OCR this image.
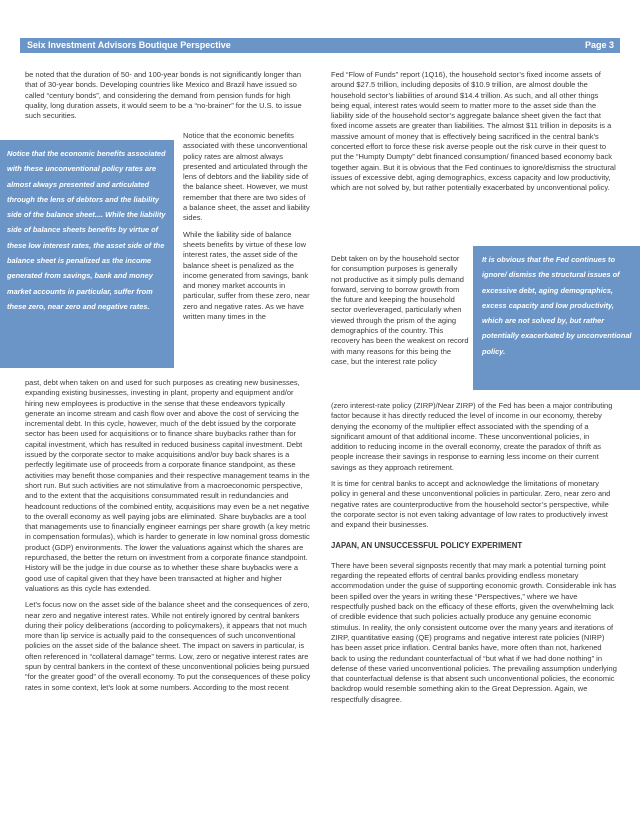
Seix Investment Advisors Boutique Perspective	Page 3

be noted that the duration of 50- and 100-year bonds is not significantly longer than that of 30-year bonds. Developing countries like Mexico and Brazil have issued so called “century bonds”, and considering the demand from pension funds for high quality, long duration assets, it would seem to be a “no-brainer” for the U.S. to issue such securities.

Notice that the economic benefits associated with these unconventional policy rates are almost always presented and articulated through the lens of debtors and the liability side of the balance sheet.... While the liability side of balance sheets benefits by virtue of these low interest rates, the asset side of the balance sheet is penalized as the income generated from savings, bank and money market accounts in particular, suffer from these zero, near zero and negative rates.

Notice that the economic benefits associated with these unconventional policy rates are almost always presented and articulated through the lens of debtors and the liability side of the balance sheet. However, we must remember that there are two sides of a balance sheet, the asset and liability sides.

While the liability side of balance sheets benefits by virtue of these low interest rates, the asset side of the balance sheet is penalized as the income generated from savings, bank and money market accounts in particular, suffer from these zero, near zero and negative rates. As we have written many times in the

past, debt when taken on and used for such purposes as creating new businesses, expanding existing businesses, investing in plant, property and equipment and/or hiring new employees is productive in the sense that these endeavors typically generate an income stream and cash flow over and above the cost of servicing the incremental debt. In this cycle, however, much of the debt issued by the corporate sector has been used for acquisitions or to finance share buybacks rather than for capital investment, which has resulted in reduced business capital investment. Debt issued by the corporate sector to make acquisitions and/or buy back shares is a perfectly legitimate use of proceeds from a corporate finance standpoint, as these activities may benefit those companies and their respective management teams in the short run. But such activities are not stimulative from a macroeconomic perspective, and to the extent that the acquisitions consummated result in redundancies and headcount reductions of the combined entity, acquisitions may even be a net negative to the overall economy as well paying jobs are eliminated. Share buybacks are a tool that managements use to financially engineer earnings per share growth (a key metric in compensation formulas), which is harder to generate in low nominal gross domestic product (GDP) environments. The lower the valuations against which the shares are repurchased, the better the return on investment from a corporate finance standpoint. History will be the judge in due course as to whether these share buybacks were a good use of capital given that they have been transacted at higher and higher valuations as this cycle has extended.

Let’s focus now on the asset side of the balance sheet and the consequences of zero, near zero and negative interest rates. While not entirely ignored by central bankers during their policy deliberations (according to policymakers), it appears that not much more than lip service is actually paid to the consequences of such unconventional policies on the asset side of the balance sheet. The impact on savers in particular, is often referenced in “collateral damage” terms. Low, zero or negative interest rates are spun by central bankers in the context of these unconventional policies being pursued “for the greater good” of the overall economy. To put the consequences of these policy rates in some context, let’s look at some numbers. According to the most recent

Fed “Flow of Funds” report (1Q16), the household sector’s fixed income assets of around $27.5 trillion, including deposits of $10.9 trillion, are almost double the household sector’s liabilities of around $14.4 trillion. As such, and all other things being equal, interest rates would seem to matter more to the asset side than the liability side of the household sector’s aggregate balance sheet given the fact that fixed income assets are greater than liabilities. The almost $11 trillion in deposits is a massive amount of money that is effectively being sacrificed in the central bank’s concerted effort to force these risk averse people out the risk curve in their quest to put the “Humpty Dumpty” debt financed consumption/ financed based economy back together again. But it is obvious that the Fed continues to ignore/dismiss the structural issues of excessive debt, aging demographics, excess capacity and low productivity, which are not solved by, but rather potentially exacerbated by unconventional policy.

Debt taken on by the household sector for consumption purposes is generally not productive as it simply pulls demand forward, serving to borrow growth from the future and keeping the household sector overleveraged, particularly when viewed through the prism of the aging demographics of the country. This recovery has been the weakest on record with many reasons for this being the case, but the interest rate policy

It is obvious that the Fed continues to ignore/ dismiss the structural issues of excessive debt, aging demographics, excess capacity and low productivity, which are not solved by, but rather potentially exacerbated by unconventional policy.

(zero interest-rate policy (ZIRP)/Near ZIRP) of the Fed has been a major contributing factor because it has directly reduced the level of income in our economy, thereby denying the economy of the multiplier effect associated with the spending of a significant amount of that additional income. These unconventional policies, in addition to reducing income in the overall economy, create the paradox of thrift as people increase their savings in response to earning less income on their current savings as they approach retirement.

It is time for central banks to accept and acknowledge the limitations of monetary policy in general and these unconventional policies in particular. Zero, near zero and negative rates are counterproductive from the household sector’s perspective, while the corporate sector is not even taking advantage of low rates to productively invest and expand their businesses.

JAPAN, AN UNSUCCESSFUL POLICY EXPERIMENT

There have been several signposts recently that may mark a potential turning point regarding the repeated efforts of central banks providing endless monetary accommodation under the guise of supporting economic growth. Considerable ink has been spilled over the years in writing these “Perspectives,” where we have respectfully pushed back on the efficacy of these efforts, given the overwhelming lack of credible evidence that such policies actually produce any genuine economic stimulus. In reality, the only consistent outcome over the many years and iterations of ZIRP, quantitative easing (QE) programs and negative interest rate policies (NIRP) has been asset price inflation. Central banks have, more often than not, harkened back to using the redundant counterfactual of “but what if we had done nothing” in defense of these varied unconventional policies. The prevailing assumption underlying that counterfactual defense is that absent such unconventional policies, the economic backdrop would resemble something akin to the Great Depression. Again, we respectfully disagree.
